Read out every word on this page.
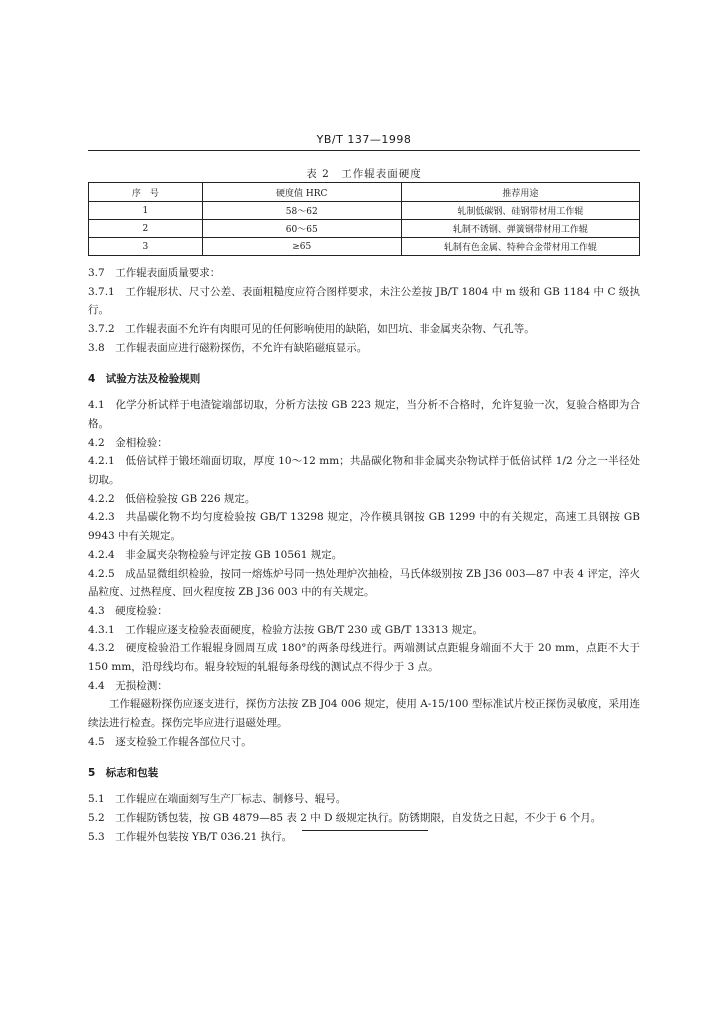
YB/T 137—1998
表 2　工作辊表面硬度
序　号	硬度值 HRC	推荐用途
1	58～62	轧制低碳钢、硅钢带材用工作辊
2	60～65	轧制不锈钢、弹簧钢带材用工作辊
3	≥65	轧制有色金属、特种合金带材用工作辊

3.7　工作辊表面质量要求：

3.7.1　工作辊形状、尺寸公差、表面粗糙度应符合图样要求，未注公差按 JB/T 1804 中 m 级和 GB 1184 中 C 级执行。

3.7.2　工作辊表面不允许有肉眼可见的任何影响使用的缺陷，如凹坑、非金属夹杂物、气孔等。

3.8　工作辊表面应进行磁粉探伤，不允许有缺陷磁痕显示。

4　试验方法及检验规则

4.1　化学分析试样于电渣锭端部切取，分析方法按 GB 223 规定，当分析不合格时，允许复验一次，复验合格即为合格。

4.2　金相检验：

4.2.1　低倍试样于锻坯端面切取，厚度 10～12 mm；共晶碳化物和非金属夹杂物试样于低倍试样 1/2 分之一半径处切取。

4.2.2　低倍检验按 GB 226 规定。

4.2.3　共晶碳化物不均匀度检验按 GB/T 13298 规定，冷作模具钢按 GB 1299 中的有关规定，高速工具钢按 GB 9943 中有关规定。

4.2.4　非金属夹杂物检验与评定按 GB 10561 规定。

4.2.5　成品显微组织检验，按同一熔炼炉号同一热处理炉次抽检，马氏体级别按 ZB J36 003—87 中表 4 评定，淬火晶粒度、过热程度、回火程度按 ZB J36 003 中的有关规定。

4.3　硬度检验：

4.3.1　工作辊应逐支检验表面硬度，检验方法按 GB/T 230 或 GB/T 13313 规定。

4.3.2　硬度检验沿工作辊辊身圆周互成 180°的两条母线进行。两端测试点距辊身端面不大于 20 mm，点距不大于 150 mm，沿母线均布。辊身较短的轧辊每条母线的测试点不得少于 3 点。

4.4　无损检测：

工作辊磁粉探伤应逐支进行，探伤方法按 ZB J04 006 规定，使用 A-15/100 型标准试片校正探伤灵敏度，采用连续法进行检查。探伤完毕应进行退磁处理。

4.5　逐支检验工作辊各部位尺寸。

5　标志和包装

5.1　工作辊应在端面刻写生产厂标志、制修号、辊号。

5.2　工作辊防锈包装，按 GB 4879—85 表 2 中 D 级规定执行。防锈期限，自发货之日起，不少于 6 个月。

5.3　工作辊外包装按 YB/T 036.21 执行。
